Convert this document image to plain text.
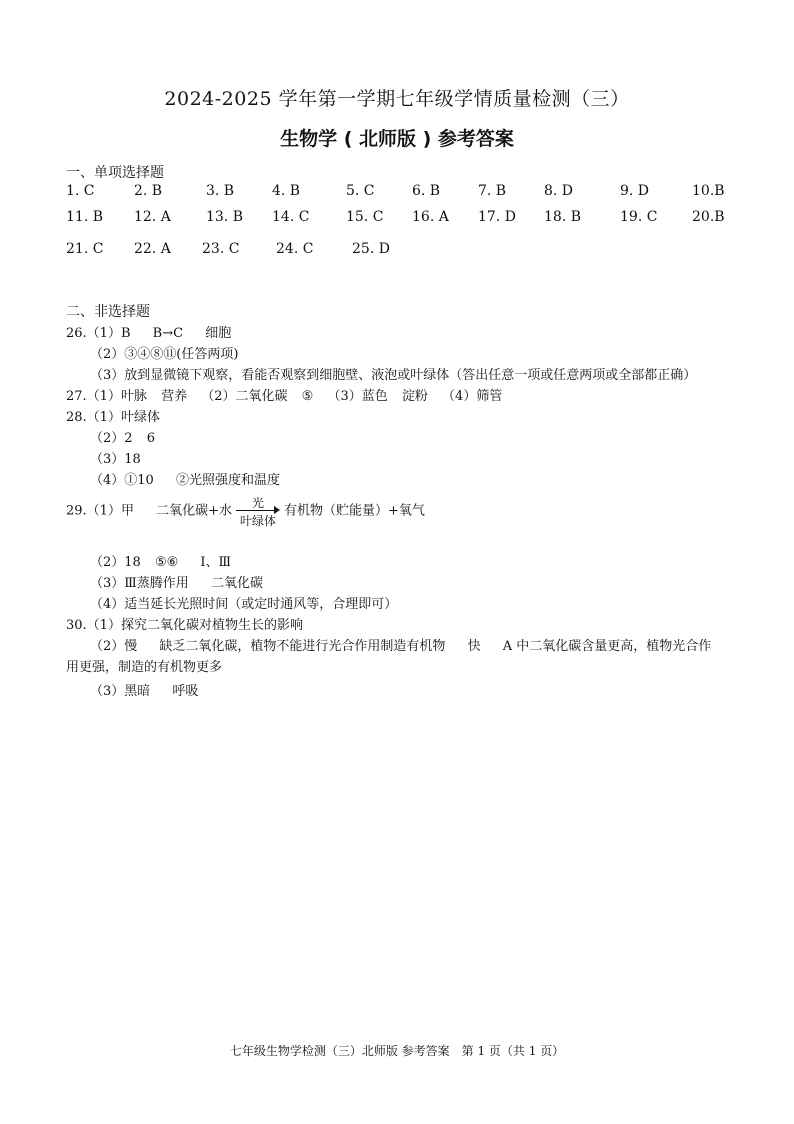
2024-2025 学年第一学期七年级学情质量检测（三）
生物学 ( 北师版 ) 参考答案
一、单项选择题
1. C	2. B	3. B	4. B	5. C	6. B	7. B	8. D	9. D	10.B
11. B 12. A	13. B 14. C	15. C 16. A 17. D 18. B	19. C 20.B
21. C 22. A 23. C	24. C	25. D
二、非选择题
26.（1）B B→C 细胞
（2）③④⑧⑪(任答两项)
（3）放到显微镜下观察，看能否观察到细胞壁、液泡或叶绿体（答出任意一项或任意两项或全部都正确）
27.（1）叶脉 营养 （2）二氧化碳 ⑤ （3）蓝色 淀粉 （4）筛管
28.（1）叶绿体
（2）2 6
（3）18
（4）①10 ②光照强度和温度
29.（1）甲 二氧化碳+水
光
叶绿体
有机物（贮能量）+氧气
（2）18 ⑤⑥ Ⅰ、Ⅲ
（3）Ⅲ蒸腾作用 二氧化碳
（4）适当延长光照时间（或定时通风等，合理即可）
30.（1）探究二氧化碳对植物生长的影响
（2）慢 缺乏二氧化碳，植物不能进行光合作用制造有机物 快 A 中二氧化碳含量更高，植物光合作
用更强，制造的有机物更多
（3）黑暗 呼吸
七年级生物学检测（三）北师版 参考答案　第 1 页（共 1 页）
